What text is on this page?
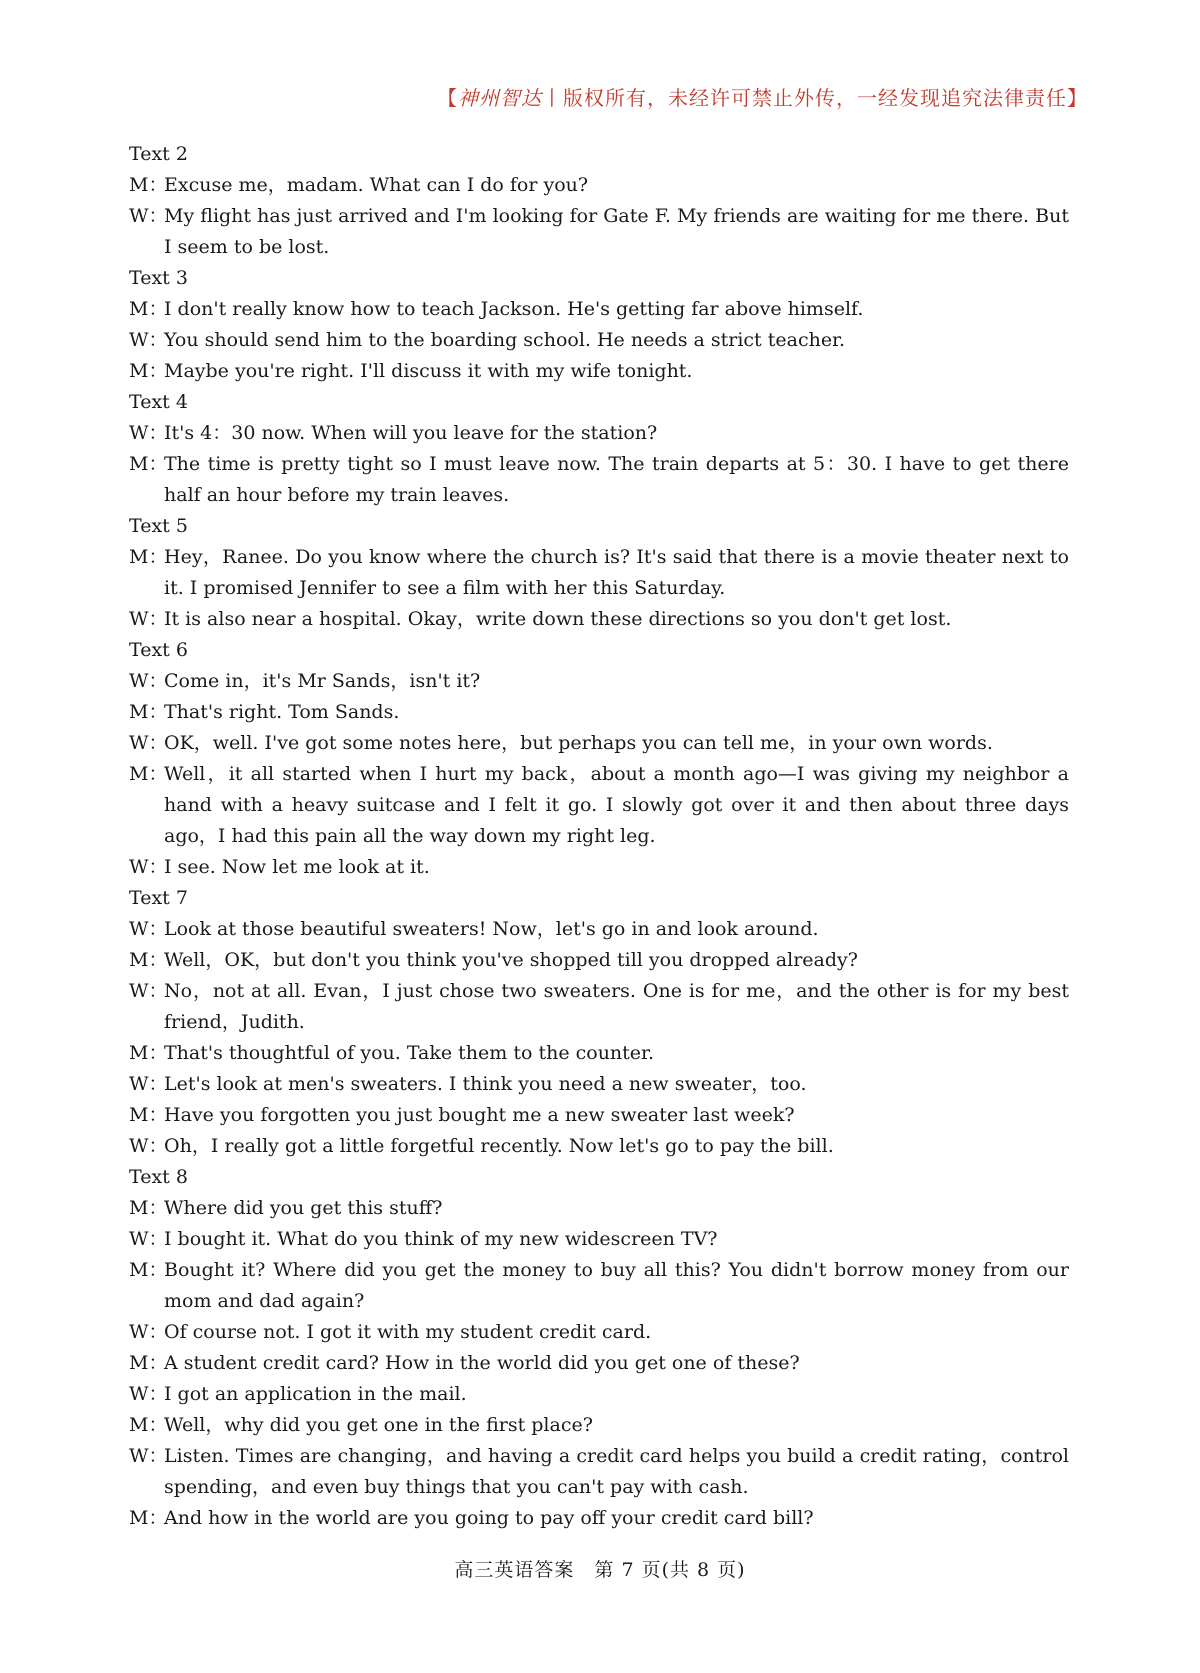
【神州智达丨版权所有，未经许可禁止外传，一经发现追究法律责任】
Text 2
M：Excuse me，madam. What can I do for you?
W：My flight has just arrived and I'm looking for Gate F. My friends are waiting for me there. But I seem to be lost.
Text 3
M：I don't really know how to teach Jackson. He's getting far above himself.
W：You should send him to the boarding school. He needs a strict teacher.
M：Maybe you're right. I'll discuss it with my wife tonight.
Text 4
W：It's 4：30 now. When will you leave for the station?
M：The time is pretty tight so I must leave now. The train departs at 5：30. I have to get there half an hour before my train leaves.
Text 5
M：Hey，Ranee. Do you know where the church is? It's said that there is a movie theater next to it. I promised Jennifer to see a film with her this Saturday.
W：It is also near a hospital. Okay，write down these directions so you don't get lost.
Text 6
W：Come in，it's Mr Sands，isn't it?
M：That's right. Tom Sands.
W：OK，well. I've got some notes here，but perhaps you can tell me，in your own words.
M：Well，it all started when I hurt my back，about a month ago—I was giving my neighbor a hand with a heavy suitcase and I felt it go. I slowly got over it and then about three days ago，I had this pain all the way down my right leg.
W：I see. Now let me look at it.
Text 7
W：Look at those beautiful sweaters! Now，let's go in and look around.
M：Well，OK，but don't you think you've shopped till you dropped already?
W：No，not at all. Evan，I just chose two sweaters. One is for me，and the other is for my best friend，Judith.
M：That's thoughtful of you. Take them to the counter.
W：Let's look at men's sweaters. I think you need a new sweater，too.
M：Have you forgotten you just bought me a new sweater last week?
W：Oh，I really got a little forgetful recently. Now let's go to pay the bill.
Text 8
M：Where did you get this stuff?
W：I bought it. What do you think of my new widescreen TV?
M：Bought it? Where did you get the money to buy all this? You didn't borrow money from our mom and dad again?
W：Of course not. I got it with my student credit card.
M：A student credit card? How in the world did you get one of these?
W：I got an application in the mail.
M：Well，why did you get one in the first place?
W：Listen. Times are changing，and having a credit card helps you build a credit rating，control spending，and even buy things that you can't pay with cash.
M：And how in the world are you going to pay off your credit card bill?
高三英语答案　第 7 页(共 8 页)
